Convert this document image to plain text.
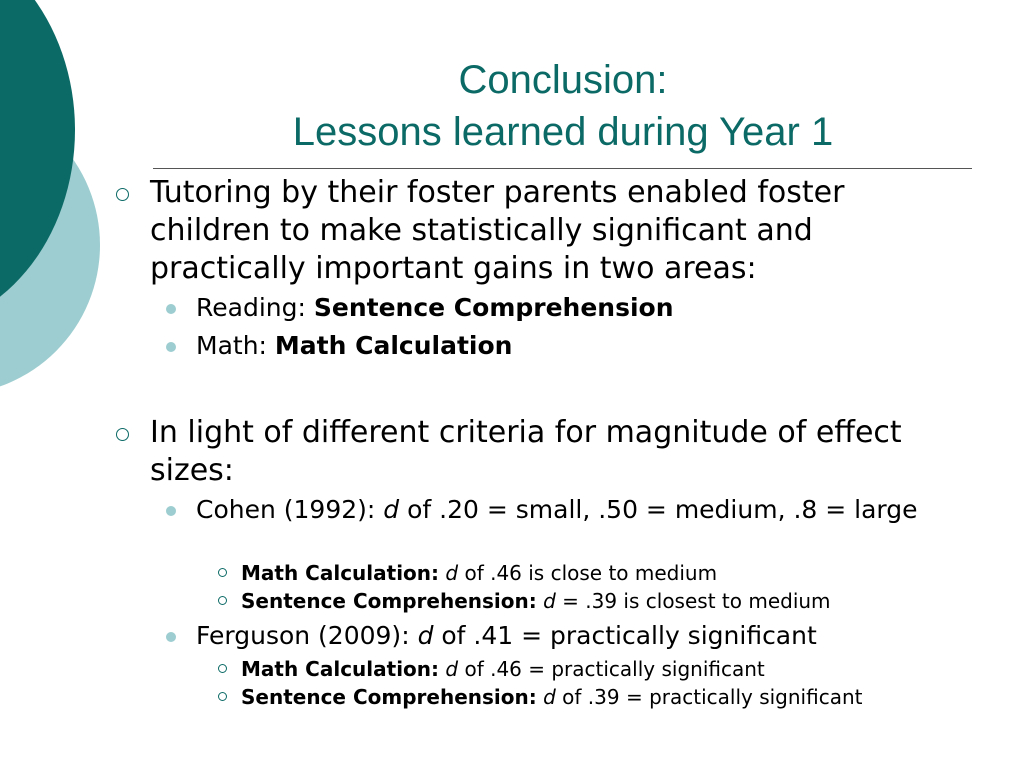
Conclusion:
Lessons learned during Year 1
Tutoring by their foster parents enabled foster children to make statistically significant and practically important gains in two areas:
Reading: Sentence Comprehension
Math: Math Calculation
In light of different criteria for magnitude of effect sizes:
Cohen (1992): d of .20 = small, .50 = medium, .8 = large
Math Calculation: d of .46 is close to medium
Sentence Comprehension: d = .39 is closest to medium
Ferguson (2009): d of .41 = practically significant
Math Calculation: d of .46 = practically significant
Sentence Comprehension: d of .39 = practically significant
